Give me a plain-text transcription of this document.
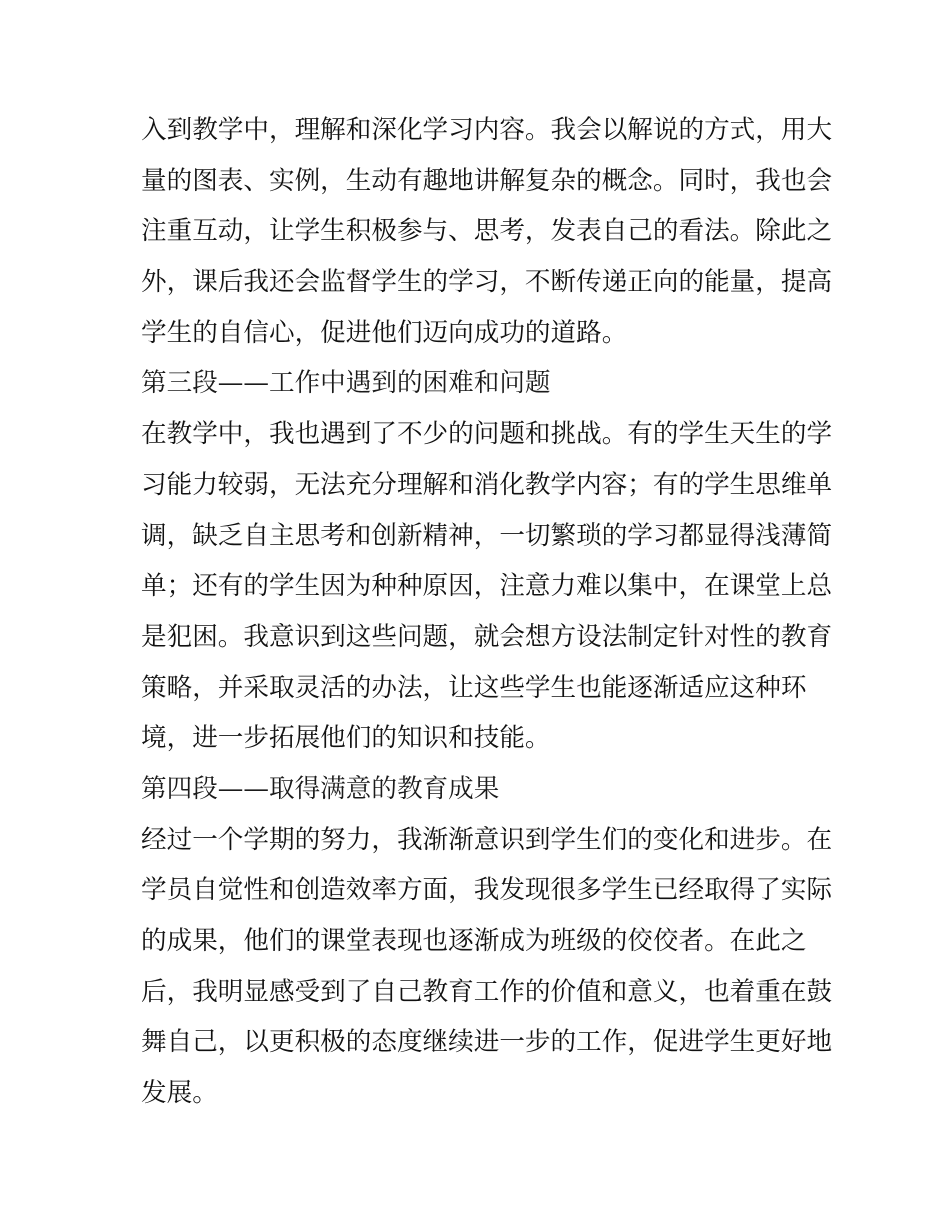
入到教学中，理解和深化学习内容。我会以解说的方式，用大
量的图表、实例，生动有趣地讲解复杂的概念。同时，我也会
注重互动，让学生积极参与、思考，发表自己的看法。除此之
外，课后我还会监督学生的学习，不断传递正向的能量，提高
学生的自信心，促进他们迈向成功的道路。
第三段——工作中遇到的困难和问题
在教学中，我也遇到了不少的问题和挑战。有的学生天生的学
习能力较弱，无法充分理解和消化教学内容；有的学生思维单
调，缺乏自主思考和创新精神，一切繁琐的学习都显得浅薄简
单；还有的学生因为种种原因，注意力难以集中，在课堂上总
是犯困。我意识到这些问题，就会想方设法制定针对性的教育
策略，并采取灵活的办法，让这些学生也能逐渐适应这种环
境，进一步拓展他们的知识和技能。
第四段——取得满意的教育成果
经过一个学期的努力，我渐渐意识到学生们的变化和进步。在
学员自觉性和创造效率方面，我发现很多学生已经取得了实际
的成果，他们的课堂表现也逐渐成为班级的佼佼者。在此之
后，我明显感受到了自己教育工作的价值和意义，也着重在鼓
舞自己，以更积极的态度继续进一步的工作，促进学生更好地
发展。
